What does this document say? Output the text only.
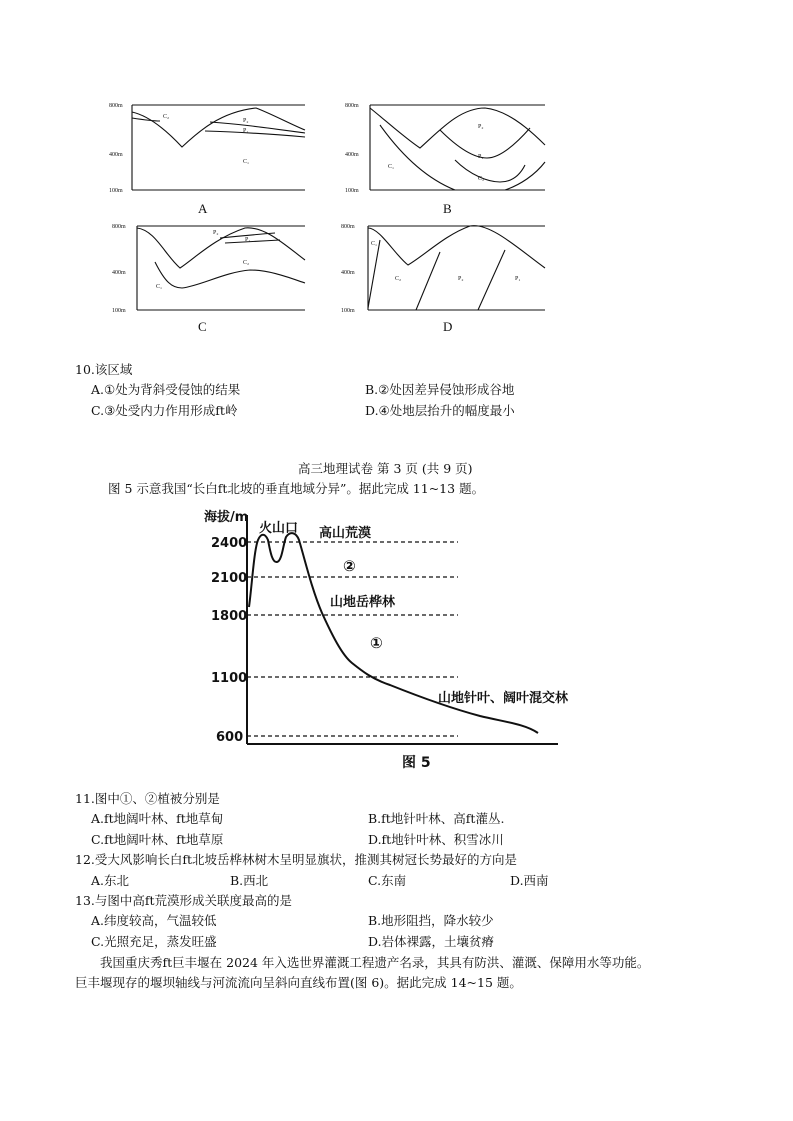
800m
400m
100m
C₂
P₂
P₁
C₁
800m
400m
100m
C₁
P₂
P₁
C₂
800m
400m
100m
P₂
P₁
C₂
C₁
800m
400m
100m
C₁
C₂	P₂	P₁
A	B
C	D
10.该区域
A.①处为背斜受侵蚀的结果	B.②处因差异侵蚀形成谷地
C.③处受内力作用形成ft岭	D.④处地层抬升的幅度最小
高三地理试卷 第 3 页 (共 9 页)
图 5 示意我国“长白ft北坡的垂直地域分异”。据此完成 11~13 题。
海拔/m
2400
2100
1800
1100
600
火山口 高山荒漠
②
山地岳桦林
①
山地针叶、阔叶混交林
图 5
11.图中①、②植被分别是
A.ft地阔叶林、ft地草甸	B.ft地针叶林、高ft灌丛.
C.ft地阔叶林、ft地草原	D.ft地针叶林、积雪冰川
12.受大风影响长白ft北坡岳桦林树木呈明显旗状，推测其树冠长势最好的方向是
A.东北	B.西北	C.东南	D.西南
13.与图中高ft荒漠形成关联度最高的是
A.纬度较高，气温较低	B.地形阻挡，降水较少
C.光照充足，蒸发旺盛	D.岩体裸露，土壤贫瘠
我国重庆秀ft巨丰堰在 2024 年入选世界灌溉工程遗产名录，其具有防洪、灌溉、保障用水等功能。
巨丰堰现存的堰坝轴线与河流流向呈斜向直线布置(图 6)。据此完成 14~15 题。
